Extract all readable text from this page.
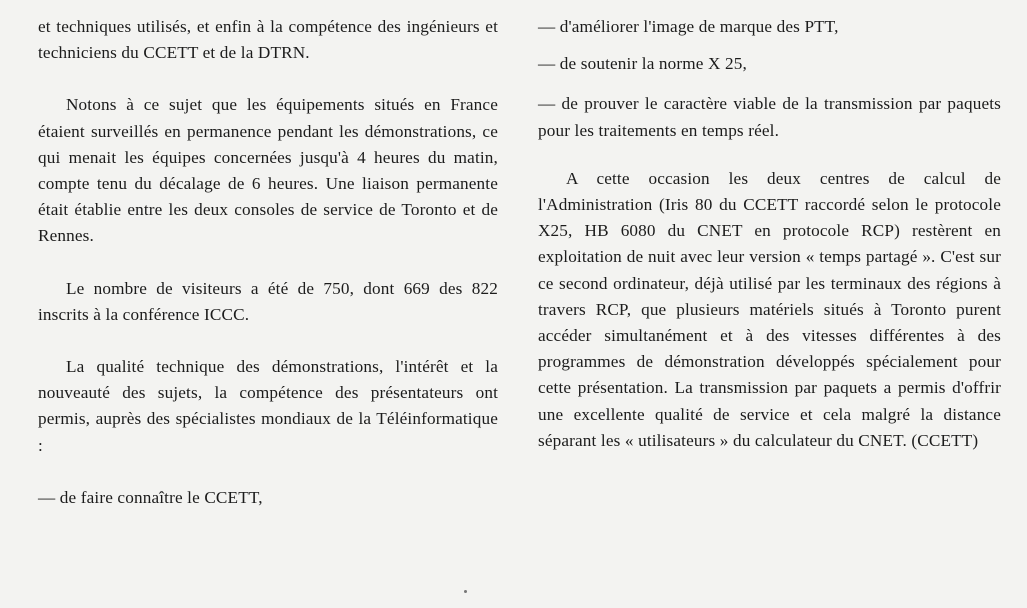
et techniques utilisés, et enfin à la compétence des ingénieurs et techniciens du CCETT et de la DTRN.

Notons à ce sujet que les équipements situés en France étaient surveillés en permanence pendant les démonstrations, ce qui menait les équipes concernées jusqu'à 4 heures du matin, compte tenu du décalage de 6 heures. Une liaison permanente était établie entre les deux consoles de service de Toronto et de Rennes.

Le nombre de visiteurs a été de 750, dont 669 des 822 inscrits à la conférence ICCC.

La qualité technique des démonstrations, l'intérêt et la nouveauté des sujets, la compétence des présentateurs ont permis, auprès des spécialistes mondiaux de la Téléinformatique :

— de faire connaître le CCETT,

— d'améliorer l'image de marque des PTT,

— de soutenir la norme X 25,

— de prouver le caractère viable de la transmission par paquets pour les traitements en temps réel.

A cette occasion les deux centres de calcul de l'Administration (Iris 80 du CCETT raccordé selon le protocole X25, HB 6080 du CNET en protocole RCP) restèrent en exploitation de nuit avec leur version « temps partagé ». C'est sur ce second ordinateur, déjà utilisé par les terminaux des régions à travers RCP, que plusieurs matériels situés à Toronto purent accéder simultanément et à des vitesses différentes à des programmes de démonstration développés spécialement pour cette présentation. La transmission par paquets a permis d'offrir une excellente qualité de service et cela malgré la distance séparant les « utilisateurs » du calculateur du CNET. (CCETT)
